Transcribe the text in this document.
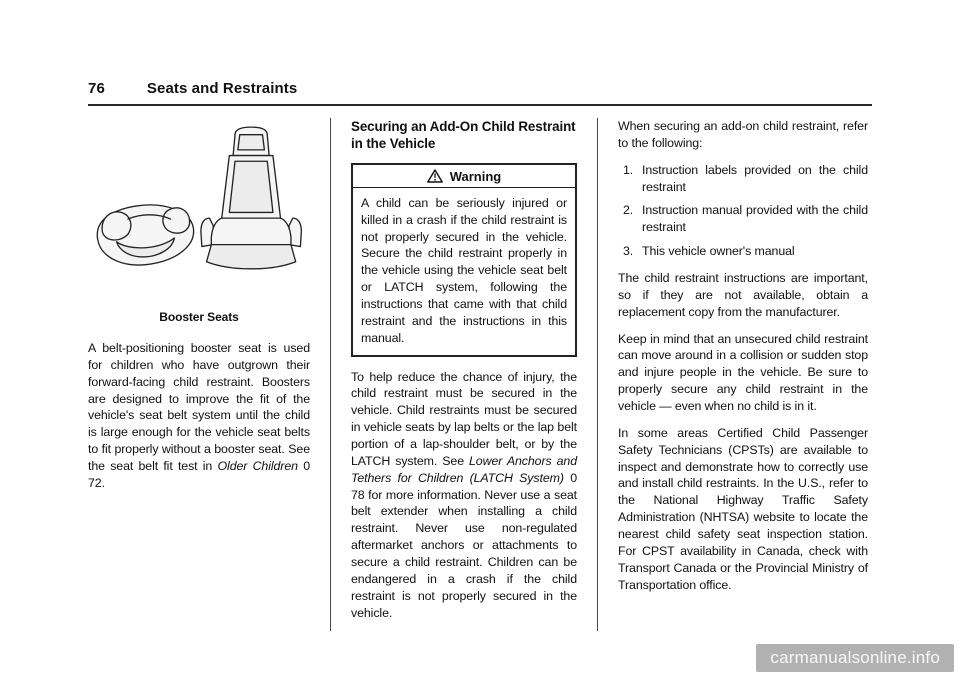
76	Seats and Restraints
Booster Seats

A belt-positioning booster seat is used for children who have outgrown their forward-facing child restraint. Boosters are designed to improve the fit of the vehicle's seat belt system until the child is large enough for the vehicle seat belts to fit properly without a booster seat. See the seat belt fit test in Older Children 0 72.

Securing an Add-On Child Restraint in the Vehicle
Warning

A child can be seriously injured or killed in a crash if the child restraint is not properly secured in the vehicle. Secure the child restraint properly in the vehicle using the vehicle seat belt or LATCH system, following the instructions that came with that child restraint and the instructions in this manual.

To help reduce the chance of injury, the child restraint must be secured in the vehicle. Child restraints must be secured in vehicle seats by lap belts or the lap belt portion of a lap-shoulder belt, or by the LATCH system. See Lower Anchors and Tethers for Children (LATCH System) 0 78 for more information. Never use a seat belt extender when installing a child restraint. Never use non-regulated aftermarket anchors or attachments to secure a child restraint. Children can be endangered in a crash if the child restraint is not properly secured in the vehicle.

When securing an add-on child restraint, refer to the following:

1. Instruction labels provided on the child restraint
2. Instruction manual provided with the child restraint
3. This vehicle owner's manual

The child restraint instructions are important, so if they are not available, obtain a replacement copy from the manufacturer.

Keep in mind that an unsecured child restraint can move around in a collision or sudden stop and injure people in the vehicle. Be sure to properly secure any child restraint in the vehicle — even when no child is in it.

In some areas Certified Child Passenger Safety Technicians (CPSTs) are available to inspect and demonstrate how to correctly use and install child restraints. In the U.S., refer to the National Highway Traffic Safety Administration (NHTSA) website to locate the nearest child safety seat inspection station. For CPST availability in Canada, check with Transport Canada or the Provincial Ministry of Transportation office.

carmanualsonline.info
